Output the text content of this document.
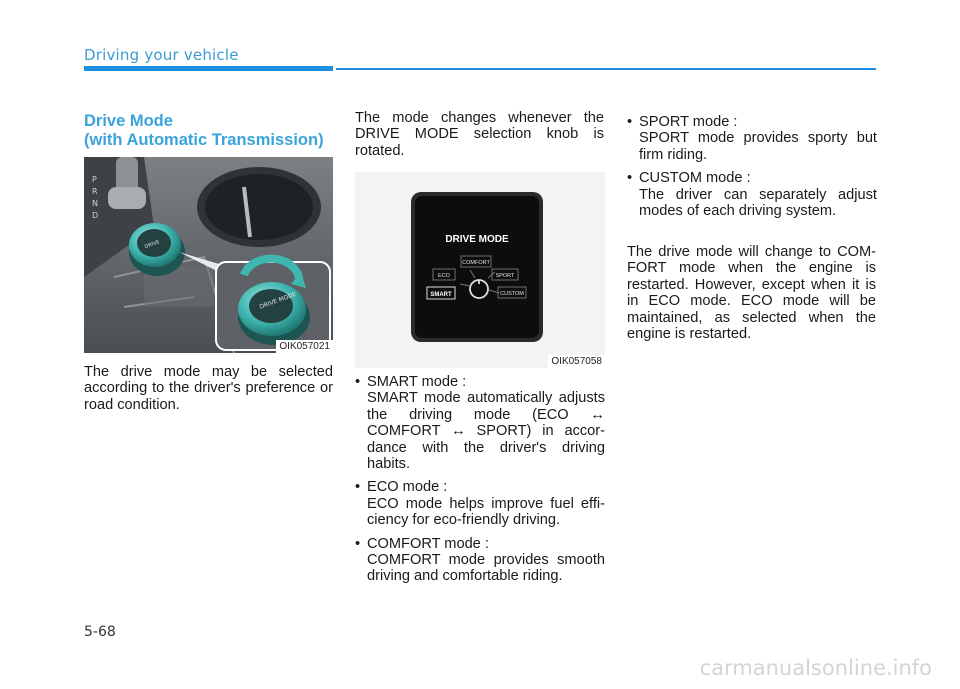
Driving your vehicle
Drive Mode
(with Automatic Transmission)
P
R
N
D
DRIVE
DRIVE MODE
OIK057021
The drive mode may be selected according to the driver's preference or road condition.
The mode changes whenever the DRIVE MODE selection knob is rotated.
DRIVE MODE
ECO
COMFORT
SPORT
SMART	CUSTOM
OIK057058
• SMART mode :
SMART mode automatically adjusts the driving mode (ECO ↔ COMFORT ↔ SPORT) in accor-dance with the driver's driving habits.
• ECO mode :
ECO mode helps improve fuel effi-ciency for eco-friendly driving.
• COMFORT mode :
COMFORT mode provides smooth driving and comfortable riding.
• SPORT mode :
SPORT mode provides sporty but firm riding.
• CUSTOM mode :
The driver can separately adjust modes of each driving system.
The drive mode will change to COM-FORT mode when the engine is restarted. However, except when it is in ECO mode. ECO mode will be maintained, as selected when the engine is restarted.
5-68
carmanualsonline.info
